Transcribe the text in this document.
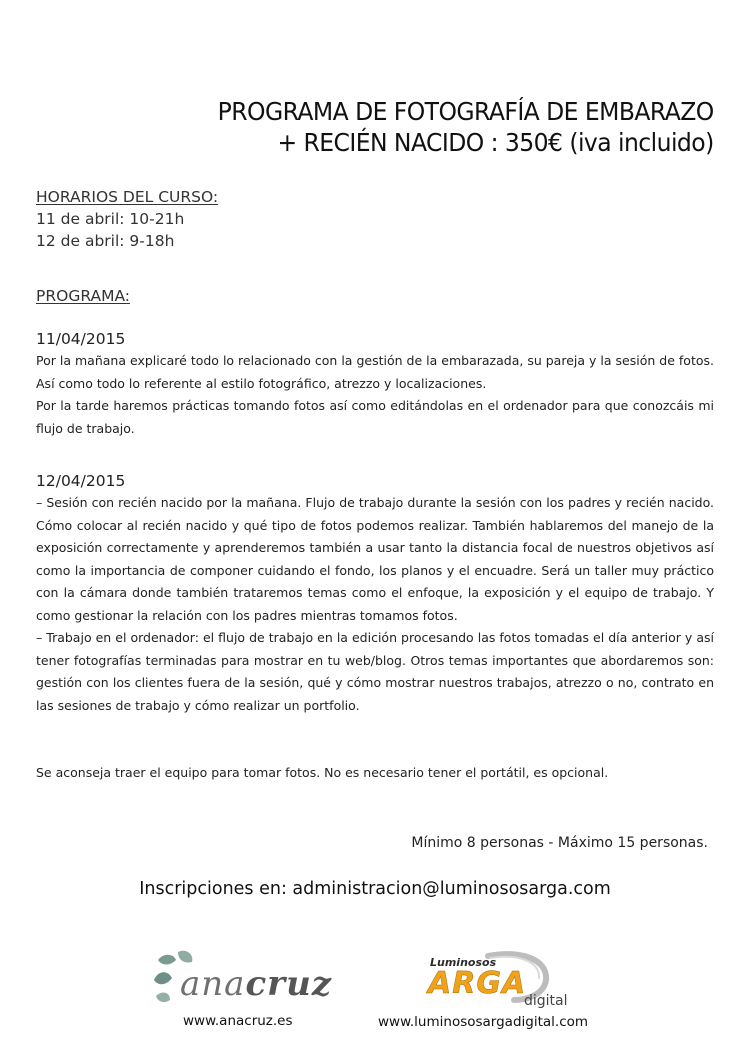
PROGRAMA DE FOTOGRAFÍA DE EMBARAZO
+ RECIÉN NACIDO : 350€ (iva incluido)
HORARIOS DEL CURSO:
11 de abril: 10-21h
12 de abril: 9-18h
PROGRAMA:
11/04/2015

Por la mañana explicaré todo lo relacionado con la gestión de la embarazada, su pareja y la sesión de fotos. Así como todo lo referente al estilo fotográfico, atrezzo y localizaciones.

Por la tarde haremos prácticas tomando fotos así como editándolas en el ordenador para que conozcáis mi flujo de trabajo.

12/04/2015

– Sesión con recién nacido por la mañana. Flujo de trabajo durante la sesión con los padres y recién nacido. Cómo colocar al recién nacido y qué tipo de fotos podemos realizar. También hablaremos del manejo de la exposición correctamente y aprenderemos también a usar tanto la distancia focal de nuestros objetivos así como la importancia de componer cuidando el fondo, los planos y el encuadre. Será un taller muy práctico con la cámara donde también trataremos temas como el enfoque, la exposición y el equipo de trabajo. Y como gestionar la relación con los padres mientras tomamos fotos.

– Trabajo en el ordenador: el flujo de trabajo en la edición procesando las fotos tomadas el día anterior y así tener fotografías terminadas para mostrar en tu web/blog. Otros temas importantes que abordaremos son: gestión con los clientes fuera de la sesión, qué y cómo mostrar nuestros trabajos, atrezzo o no, contrato en las sesiones de trabajo y cómo realizar un portfolio.

Se aconseja traer el equipo para tomar fotos. No es necesario tener el portátil, es opcional.
Mínimo 8 personas - Máximo 15 personas.
Inscripciones en: administracion@luminososarga.com
anacruz
www.anacruz.es
Luminosos
ARGA
digital
www.luminososargadigital.com
